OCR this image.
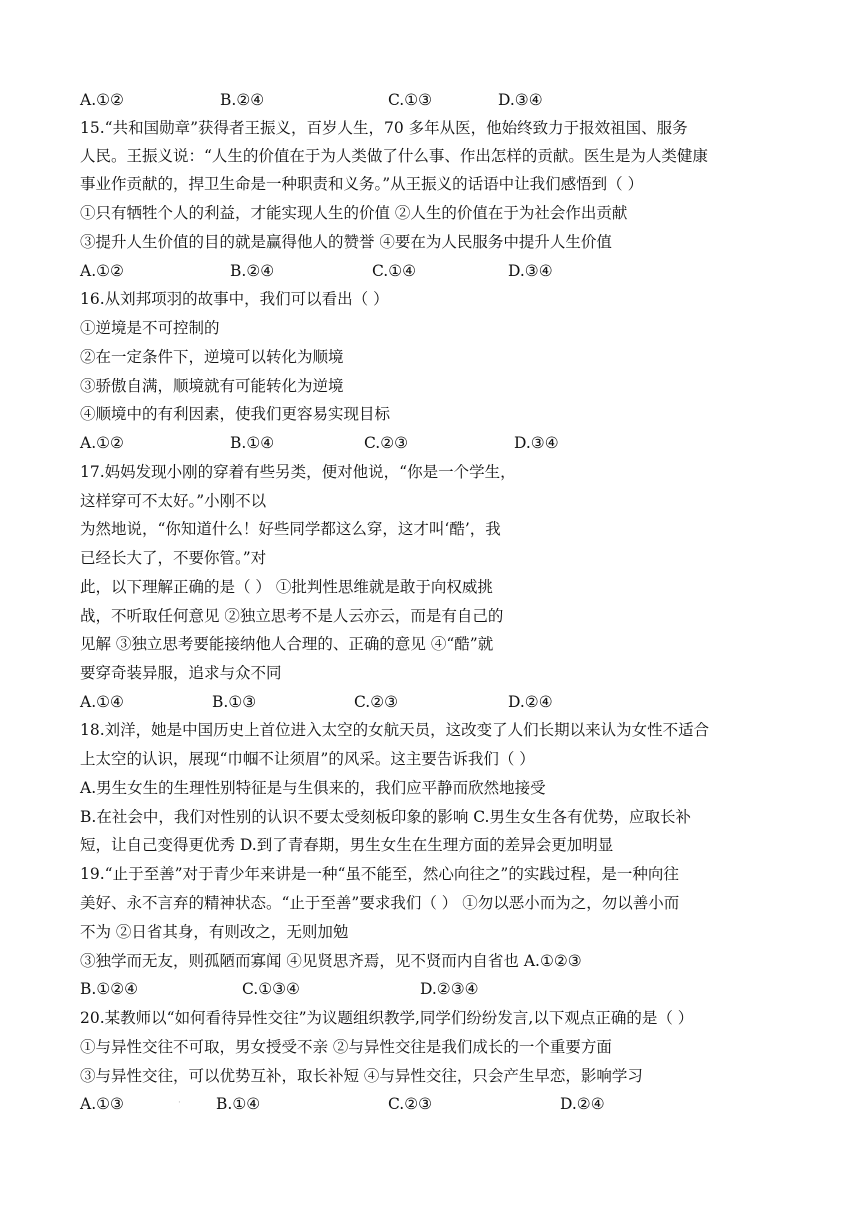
A.①②	B.②④	C.①③	D.③④
15.“共和国勋章”获得者王振义，百岁人生，70 多年从医，他始终致力于报效祖国、服务
人民。王振义说：“人生的价值在于为人类做了什么事、作出怎样的贡献。医生是为人类健康
事业作贡献的，捍卫生命是一种职责和义务。”从王振义的话语中让我们感悟到（ ）
①只有牺牲个人的利益，才能实现人生的价值 ②人生的价值在于为社会作出贡献
③提升人生价值的目的就是赢得他人的赞誉 ④要在为人民服务中提升人生价值
A.①②	B.②④	C.①④	D.③④
16.从刘邦项羽的故事中，我们可以看出（ ）
①逆境是不可控制的
②在一定条件下，逆境可以转化为顺境
③骄傲自满，顺境就有可能转化为逆境
④顺境中的有利因素，使我们更容易实现目标
A.①②	B.①④	C.②③	D.③④
17.妈妈发现小刚的穿着有些另类，便对他说，“你是一个学生，
这样穿可不太好。”小刚不以
为然地说，“你知道什么！好些同学都这么穿，这才叫‘酷’，我
已经长大了，不要你管。”对
此，以下理解正确的是（ ） ①批判性思维就是敢于向权威挑
战，不听取任何意见 ②独立思考不是人云亦云，而是有自己的
见解 ③独立思考要能接纳他人合理的、正确的意见 ④“酷”就
要穿奇装异服，追求与众不同
A.①④	B.①③	C.②③	D.②④
18.刘洋，她是中国历史上首位进入太空的女航天员，这改变了人们长期以来认为女性不适合
上太空的认识，展现“巾帼不让须眉”的风采。这主要告诉我们（ ）
A.男生女生的生理性别特征是与生俱来的，我们应平静而欣然地接受
B.在社会中，我们对性别的认识不要太受刻板印象的影响 C.男生女生各有优势，应取长补
短，让自己变得更优秀 D.到了青春期，男生女生在生理方面的差异会更加明显
19.“止于至善”对于青少年来讲是一种“虽不能至，然心向往之”的实践过程，是一种向往
美好、永不言弃的精神状态。“止于至善”要求我们（ ） ①勿以恶小而为之，勿以善小而
不为 ②日省其身，有则改之，无则加勉
③独学而无友，则孤陋而寡闻 ④见贤思齐焉，见不贤而内自省也 A.①②③
B.①②④	C.①③④	D.②③④
20.某教师以“如何看待异性交往”为议题组织教学,同学们纷纷发言,以下观点正确的是（ ）
①与异性交往不可取，男女授受不亲 ②与异性交往是我们成长的一个重要方面
③与异性交往，可以优势互补，取长补短 ④与异性交往，只会产生早恋，影响学习
A.①③	B.①④	C.②③	D.②④
·
